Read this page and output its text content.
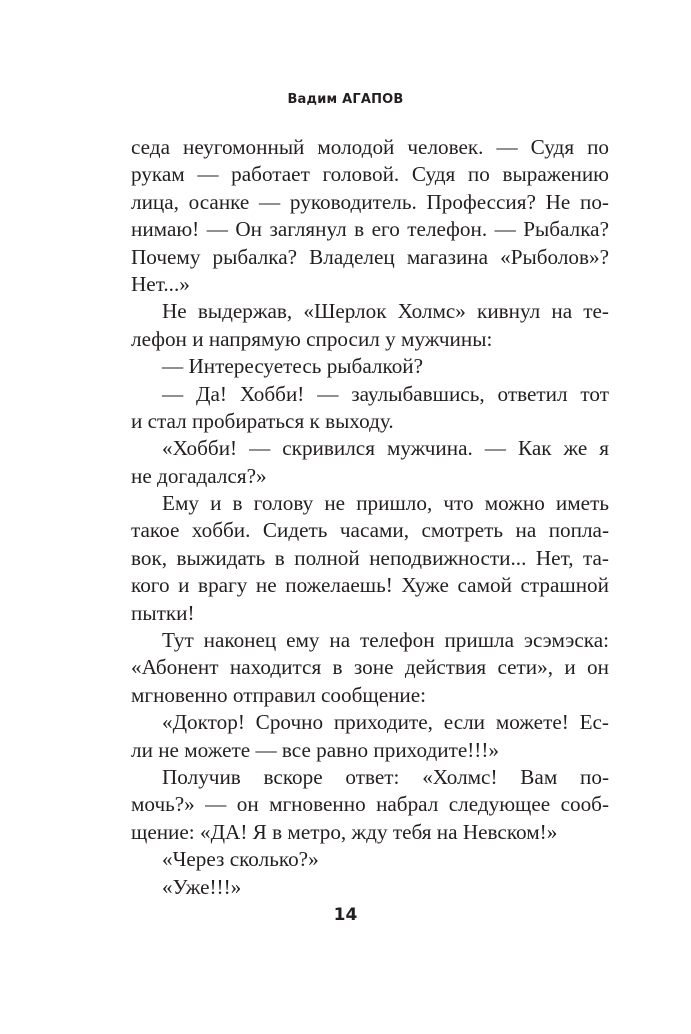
Вадим АГАПОВ
седа неугомонный молодой человек. — Судя по
рукам — работает головой. Судя по выражению
лица, осанке — руководитель. Профессия? Не по-
нимаю! — Он заглянул в его телефон. — Рыбалка?
Почему рыбалка? Владелец магазина «Рыболов»?
Нет...»
Не выдержав, «Шерлок Холмс» кивнул на те-
лефон и напрямую спросил у мужчины:
— Интересуетесь рыбалкой?
— Да! Хобби! — заулыбавшись, ответил тот
и стал пробираться к выходу.
«Хобби! — скривился мужчина. — Как же я
не догадался?»
Ему и в голову не пришло, что можно иметь
такое хобби. Сидеть часами, смотреть на попла-
вок, выжидать в полной неподвижности... Нет, та-
кого и врагу не пожелаешь! Хуже самой страшной
пытки!
Тут наконец ему на телефон пришла эсэмэска:
«Абонент находится в зоне действия сети», и он
мгновенно отправил сообщение:
«Доктор! Срочно приходите, если можете! Ес-
ли не можете — все равно приходите!!!»
Получив вскоре ответ: «Холмс! Вам по-
мочь?» — он мгновенно набрал следующее сооб-
щение: «ДА! Я в метро, жду тебя на Невском!»
«Через сколько?»
«Уже!!!»
14
